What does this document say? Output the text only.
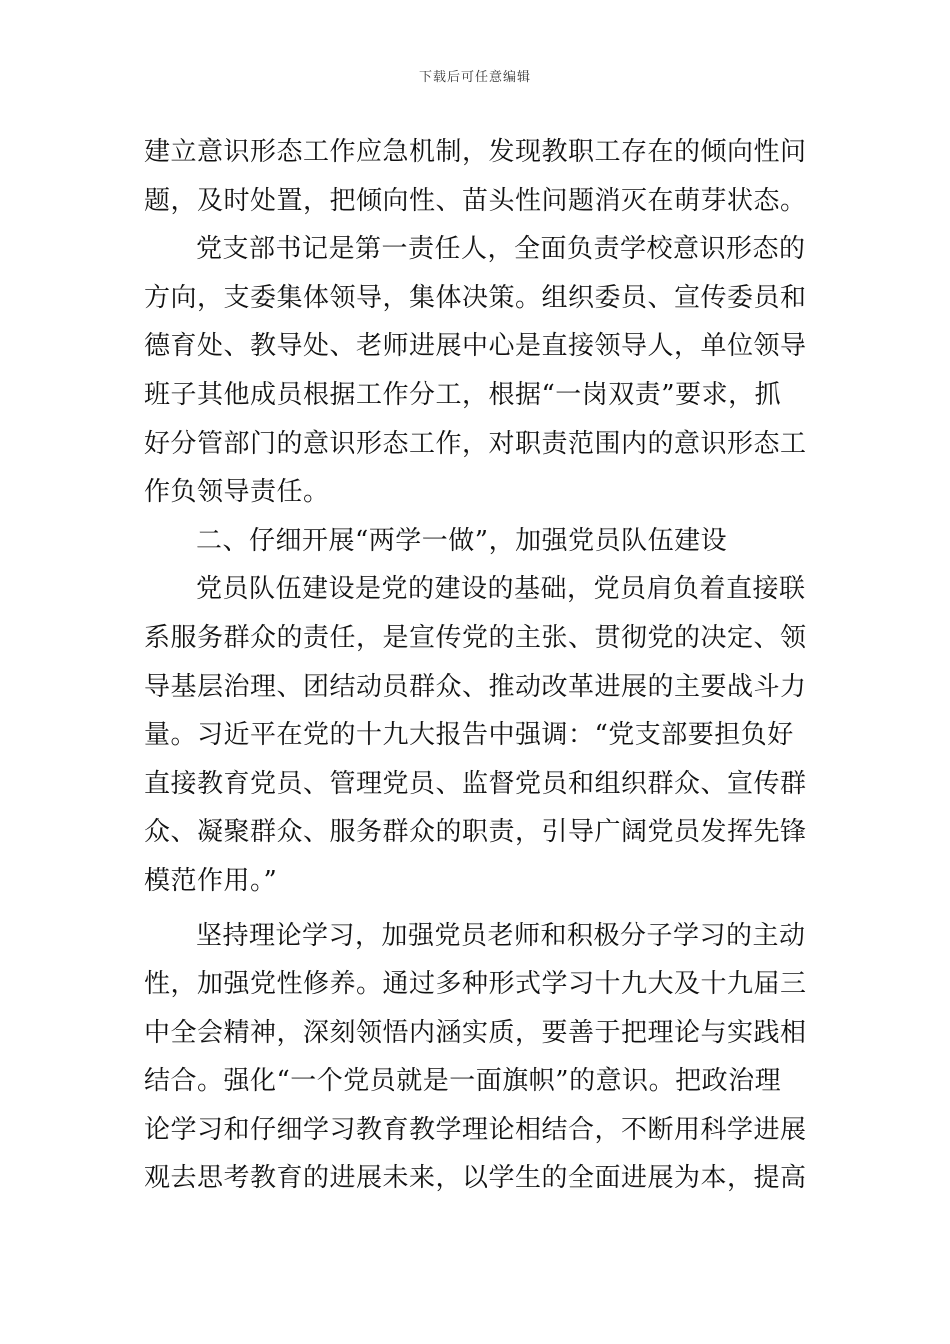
下载后可任意编辑
建立意识形态工作应急机制，发现教职工存在的倾向性问
题，及时处置，把倾向性、苗头性问题消灭在萌芽状态。
党支部书记是第一责任人，全面负责学校意识形态的
方向，支委集体领导，集体决策。组织委员、宣传委员和
德育处、教导处、老师进展中心是直接领导人，单位领导
班子其他成员根据工作分工，根据“一岗双责”要求，抓
好分管部门的意识形态工作，对职责范围内的意识形态工
作负领导责任。
二、仔细开展“两学一做”，加强党员队伍建设
党员队伍建设是党的建设的基础，党员肩负着直接联
系服务群众的责任，是宣传党的主张、贯彻党的决定、领
导基层治理、团结动员群众、推动改革进展的主要战斗力
量。习近平在党的十九大报告中强调：“党支部要担负好
直接教育党员、管理党员、监督党员和组织群众、宣传群
众、凝聚群众、服务群众的职责，引导广阔党员发挥先锋
模范作用。”
坚持理论学习，加强党员老师和积极分子学习的主动
性，加强党性修养。通过多种形式学习十九大及十九届三
中全会精神，深刻领悟内涵实质，要善于把理论与实践相
结合。强化“一个党员就是一面旗帜”的意识。把政治理
论学习和仔细学习教育教学理论相结合，不断用科学进展
观去思考教育的进展未来，以学生的全面进展为本，提高
